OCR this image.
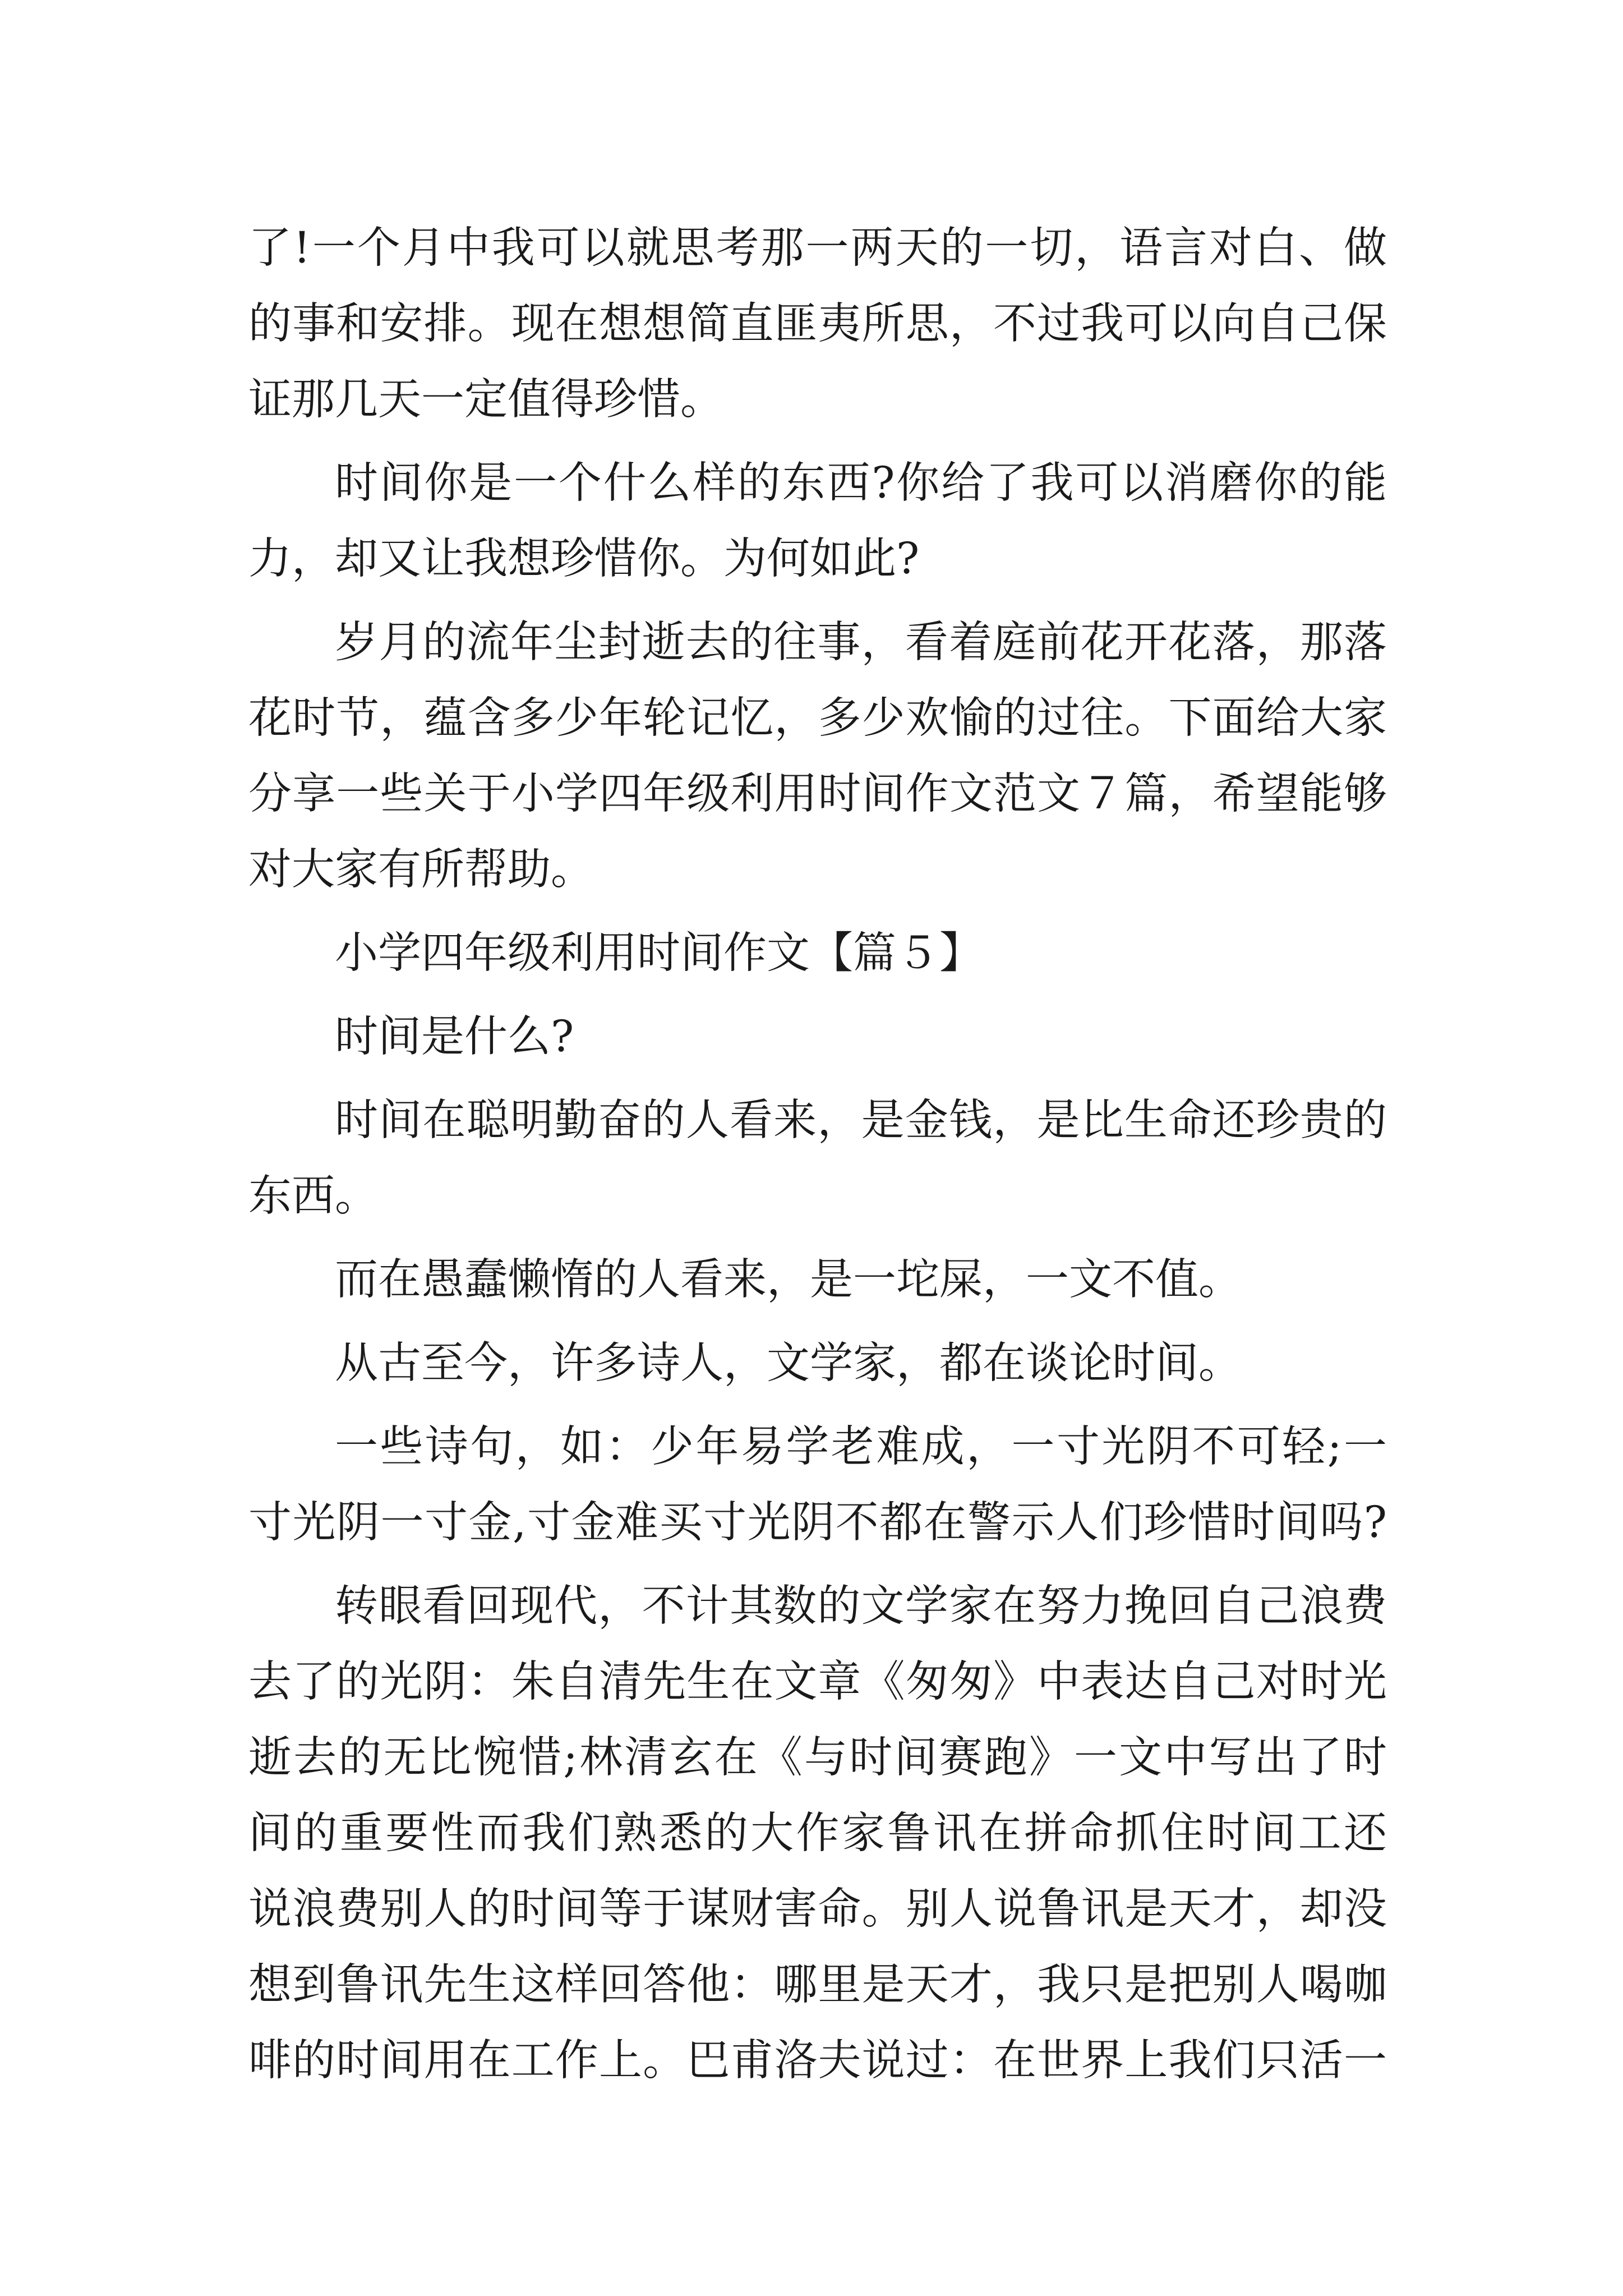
了!一个月中我可以就思考那一两天的一切，语言对白、做
的事和安排。现在想想简直匪夷所思，不过我可以向自己保
证那几天一定值得珍惜。
时间你是一个什么样的东西?你给了我可以消磨你的能
力，却又让我想珍惜你。为何如此?
岁月的流年尘封逝去的往事，看着庭前花开花落，那落
花时节，蕴含多少年轮记忆，多少欢愉的过往。下面给大家
分享一些关于小学四年级利用时间作文范文７篇，希望能够
对大家有所帮助。
小学四年级利用时间作文【篇５】
时间是什么?
时间在聪明勤奋的人看来，是金钱，是比生命还珍贵的
东西。
而在愚蠢懒惰的人看来，是一坨屎，一文不值。
从古至今，许多诗人，文学家，都在谈论时间。
一些诗句，如：少年易学老难成，一寸光阴不可轻;一
寸光阴一寸金,寸金难买寸光阴不都在警示人们珍惜时间吗?
转眼看回现代，不计其数的文学家在努力挽回自己浪费
去了的光阴：朱自清先生在文章《匆匆》中表达自己对时光
逝去的无比惋惜;林清玄在《与时间赛跑》一文中写出了时
间的重要性而我们熟悉的大作家鲁讯在拼命抓住时间工还
说浪费别人的时间等于谋财害命。别人说鲁讯是天才，却没
想到鲁讯先生这样回答他：哪里是天才，我只是把别人喝咖
啡的时间用在工作上。巴甫洛夫说过：在世界上我们只活一
